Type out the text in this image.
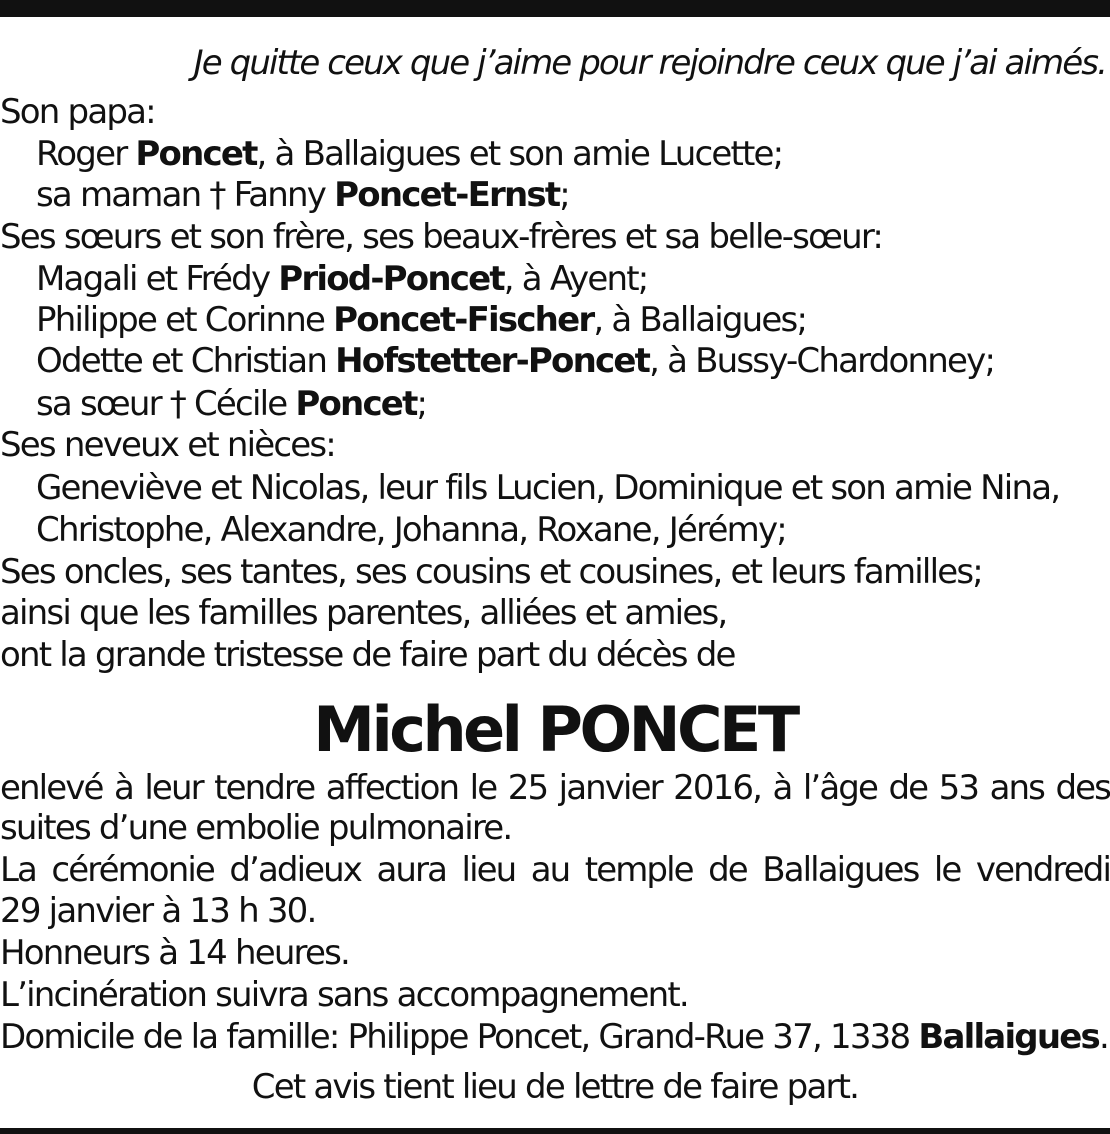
Je quitte ceux que j’aime pour rejoindre ceux que j’ai aimés.
Son papa:
Roger Poncet, à Ballaigues et son amie Lucette;
sa maman † Fanny Poncet-Ernst;
Ses sœurs et son frère, ses beaux-frères et sa belle-sœur:
Magali et Frédy Priod-Poncet, à Ayent;
Philippe et Corinne Poncet-Fischer, à Ballaigues;
Odette et Christian Hofstetter-Poncet, à Bussy-Chardonney;
sa sœur † Cécile Poncet;
Ses neveux et nièces:
Geneviève et Nicolas, leur fils Lucien, Dominique et son amie Nina,
Christophe, Alexandre, Johanna, Roxane, Jérémy;
Ses oncles, ses tantes, ses cousins et cousines, et leurs familles;
ainsi que les familles parentes, alliées et amies,
ont la grande tristesse de faire part du décès de
Michel PONCET
enlevé à leur tendre affection le 25 janvier 2016, à l’âge de 53 ans des
suites d’une embolie pulmonaire.
La cérémonie d’adieux aura lieu au temple de Ballaigues le vendredi
29 janvier à 13 h 30.
Honneurs à 14 heures.
L’incinération suivra sans accompagnement.
Domicile de la famille: Philippe Poncet, Grand-Rue 37, 1338 Ballaigues.
Cet avis tient lieu de lettre de faire part.
